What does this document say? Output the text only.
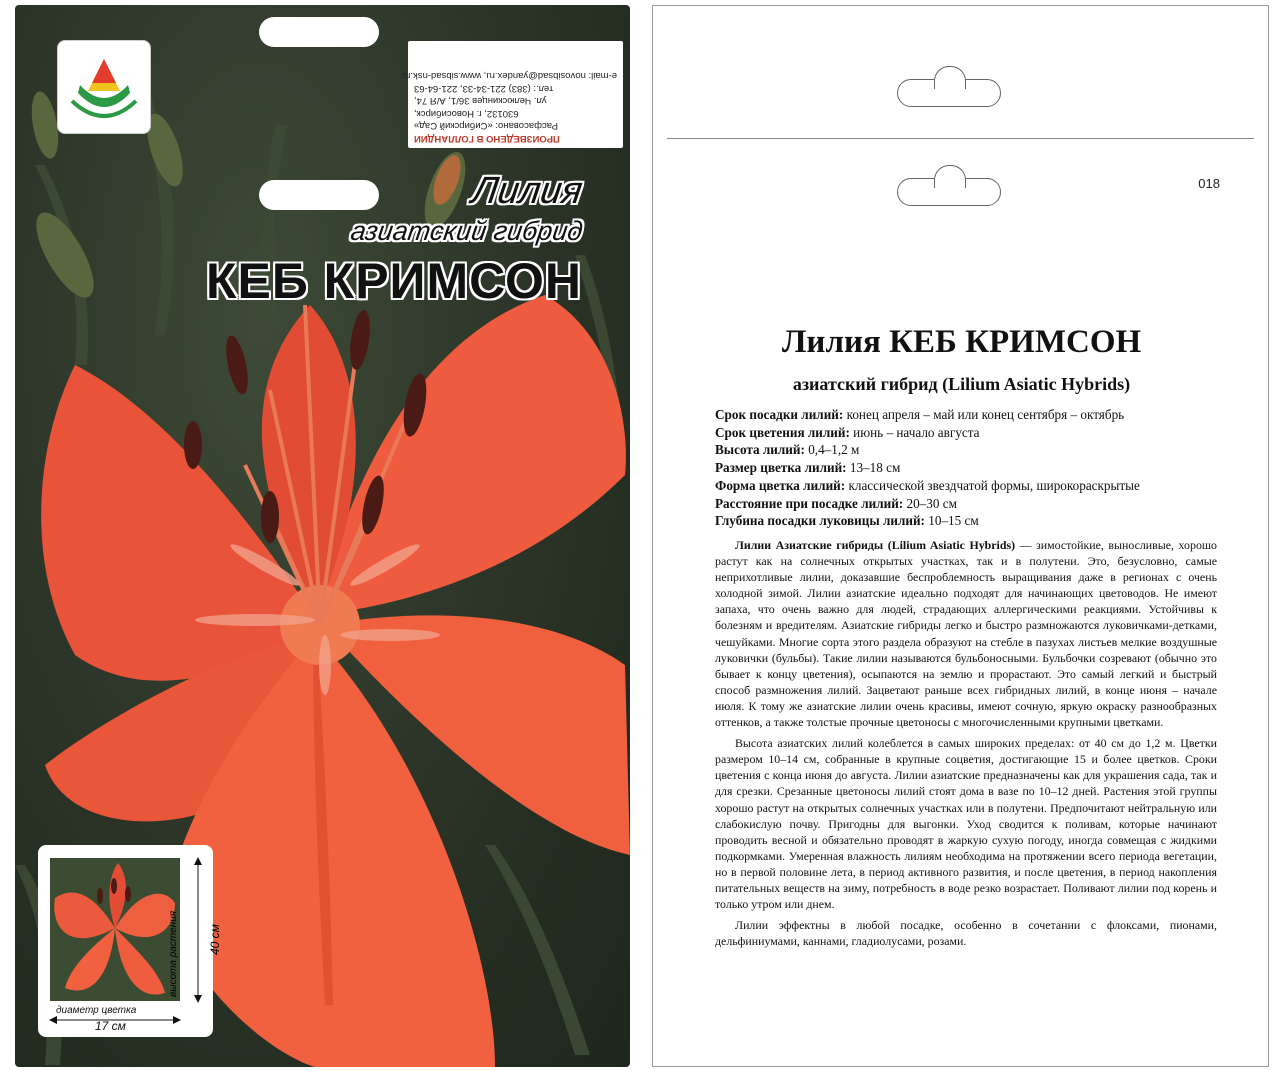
ПРОИЗВЕДЕНО В ГОЛЛАНДИИ
Расфасовано: «Сибирский Сад»
630132, г. Новосибирск,
ул. Челюскинцев 36/1, А/Я 74,
тел.: (383) 221-34-33, 221-64-63
e-mail: novosibsad@yandex.ru, www.sibsad-nsk.ru
Лилия
азиатский гибрид
КЕБ КРИМСОН
высота растения 40 см
диаметр цветка
17 см
018
Лилия КЕБ КРИМСОН
азиатский гибрид (Lilium Asiatic Hybrids)
Срок посадки лилий: конец апреля – май или конец сентября – октябрь
Срок цветения лилий: июнь – начало августа
Высота лилий: 0,4–1,2 м
Размер цветка лилий: 13–18 см
Форма цветка лилий: классической звездчатой формы, широкораскрытые
Расстояние при посадке лилий: 20–30 см
Глубина посадки луковицы лилий: 10–15 см

Лилии Азиатские гибриды (Lilium Asiatic Hybrids) — зимостойкие, выносливые, хорошо растут как на солнечных открытых участках, так и в полутени. Это, безусловно, самые неприхотливые лилии, доказавшие беспроблемность выращивания даже в регионах с очень холодной зимой. Лилии азиатские идеально подходят для начинающих цветоводов. Не имеют запаха, что очень важно для людей, страдающих аллергическими реакциями. Устойчивы к болезням и вредителям. Азиатские гибриды легко и быстро размножаются луковичками-детками, чешуйками. Многие сорта этого раздела образуют на стебле в пазухах листьев мелкие воздушные луковички (бульбы). Такие лилии называются бульбоносными. Бульбочки созревают (обычно это бывает к концу цветения), осыпаются на землю и прорастают. Это самый легкий и быстрый способ размножения лилий. Зацветают раньше всех гибридных лилий, в конце июня – начале июля. К тому же азиатские лилии очень красивы, имеют сочную, яркую окраску разнообразных оттенков, а также толстые прочные цветоносы с многочисленными крупными цветками.

Высота азиатских лилий колеблется в самых широких пределах: от 40 см до 1,2 м. Цветки размером 10–14 см, собранные в крупные соцветия, достигающие 15 и более цветков. Сроки цветения с конца июня до августа. Лилии азиатские предназначены как для украшения сада, так и для срезки. Срезанные цветоносы лилий стоят дома в вазе по 10–12 дней. Растения этой группы хорошо растут на открытых солнечных участках или в полутени. Предпочитают нейтральную или слабокислую почву. Пригодны для выгонки. Уход сводится к поливам, которые начинают проводить весной и обязательно проводят в жаркую сухую погоду, иногда совмещая с жидкими подкормками. Умеренная влажность лилиям необходима на протяжении всего периода вегетации, но в первой половине лета, в период активного развития, и после цветения, в период накопления питательных веществ на зиму, потребность в воде резко возрастает. Поливают лилии под корень и только утром или днем.

Лилии эффектны в любой посадке, особенно в сочетании с флоксами, пионами, дельфиниумами, каннами, гладиолусами, розами.
